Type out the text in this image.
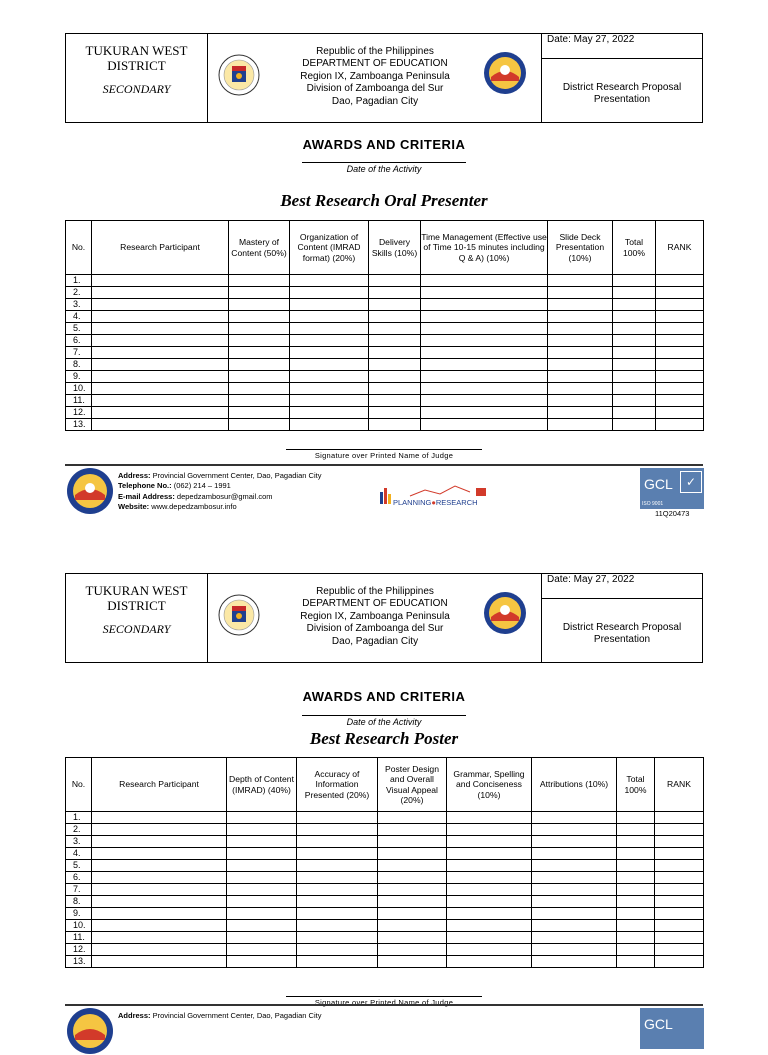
TUKURAN WEST DISTRICT
SECONDARY
Republic of the Philippines
DEPARTMENT OF EDUCATION
Region IX, Zamboanga Peninsula
Division of Zamboanga del Sur
Dao, Pagadian City
Date: May 27, 2022
District Research Proposal Presentation
AWARDS AND CRITERIA
Date of the Activity
Best Research Oral Presenter
No.	Research Participant	Mastery of Content (50%)	Organization of Content (IMRAD format) (20%)	Delivery Skills (10%)	Time Management (Effective use of Time 10-15 minutes including Q & A) (10%)	Slide Deck Presentation (10%)	Total 100%	RANK
1.								
2.								
3.								
4.								
5.								
6.								
7.								
8.								
9.								
10.								
11.								
12.								
13.								
Signature over Printed Name of Judge
Address: Provincial Government Center, Dao, Pagadian City
Telephone No.: (062) 214 – 1991
E-mail Address: depedzambosur@gmail.com
Website: www.depedzambosur.info	PLANNING●RESEARCH
GCL	✓
ISO 9001
11Q20473
TUKURAN WEST DISTRICT
SECONDARY
Republic of the Philippines
DEPARTMENT OF EDUCATION
Region IX, Zamboanga Peninsula
Division of Zamboanga del Sur
Dao, Pagadian City
Date: May 27, 2022
District Research Proposal Presentation
AWARDS AND CRITERIA
Date of the Activity
Best Research Poster
No.	Research Participant	Depth of Content (IMRAD) (40%)	Accuracy of Information Presented (20%)	Poster Design and Overall Visual Appeal (20%)	Grammar, Spelling and Conciseness (10%)	Attributions (10%)	Total 100%	RANK
1.								
2.								
3.								
4.								
5.								
6.								
7.								
8.								
9.								
10.								
11.								
12.								
13.								
Signature over Printed Name of Judge
Address: Provincial Government Center, Dao, Pagadian City
GCL
